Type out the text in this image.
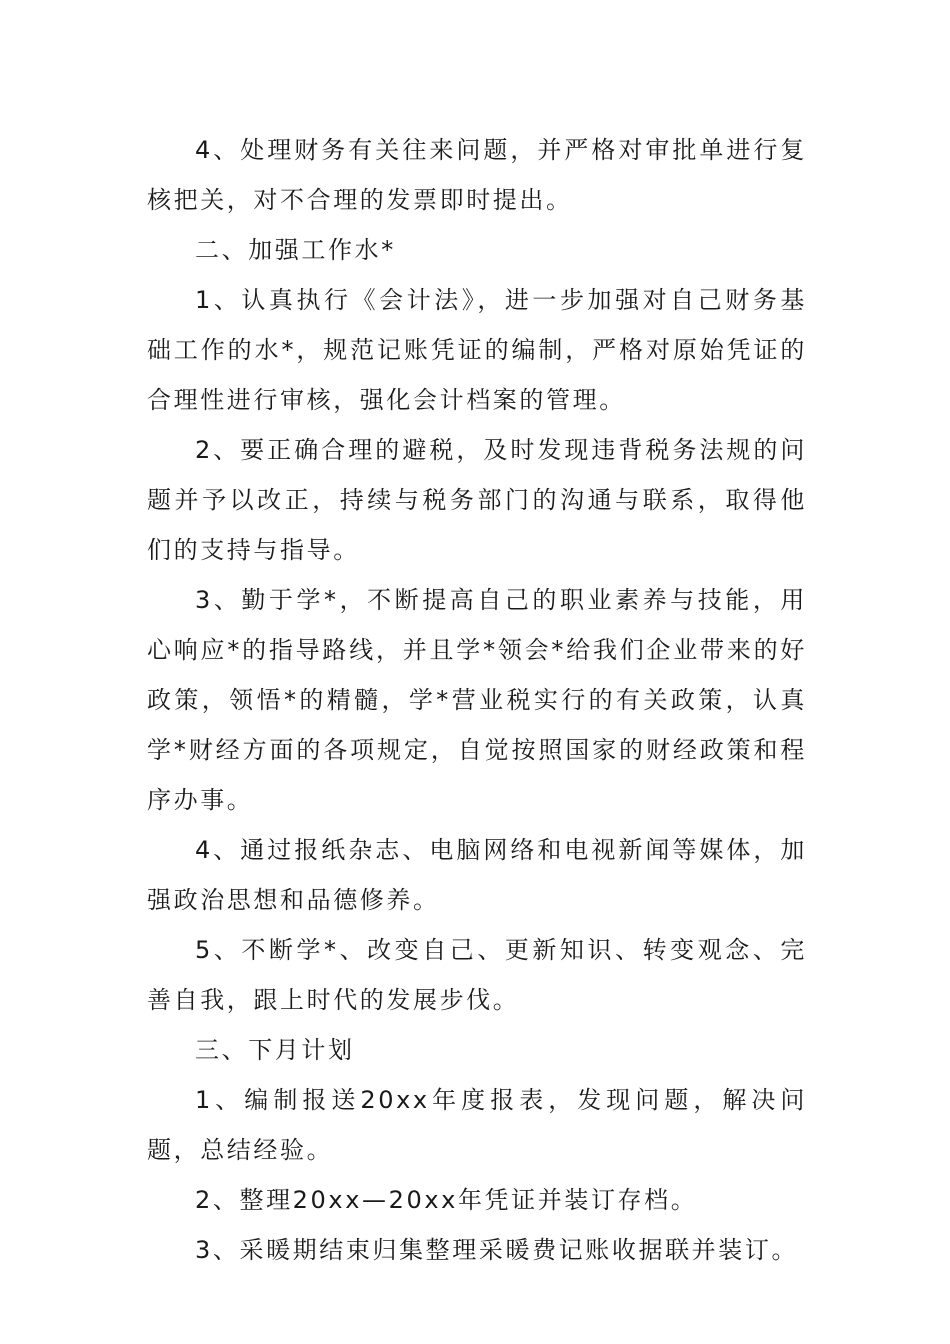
4、处理财务有关往来问题，并严格对审批单进行复核把关，对不合理的发票即时提出。

二、加强工作水*

1、认真执行《会计法》，进一步加强对自己财务基础工作的水*，规范记账凭证的编制，严格对原始凭证的合理性进行审核，强化会计档案的管理。

2、要正确合理的避税，及时发现违背税务法规的问题并予以改正，持续与税务部门的沟通与联系，取得他们的支持与指导。

3、勤于学*，不断提高自己的职业素养与技能，用心响应*的指导路线，并且学*领会*给我们企业带来的好政策，领悟*的精髓，学*营业税实行的有关政策，认真学*财经方面的各项规定，自觉按照国家的财经政策和程序办事。

4、通过报纸杂志、电脑网络和电视新闻等媒体，加强政治思想和品德修养。

5、不断学*、改变自己、更新知识、转变观念、完善自我，跟上时代的发展步伐。

三、下月计划

1、编制报送20xx年度报表，发现问题，解决问题，总结经验。

2、整理20xx—20xx年凭证并装订存档。

3、采暖期结束归集整理采暖费记账收据联并装订。
